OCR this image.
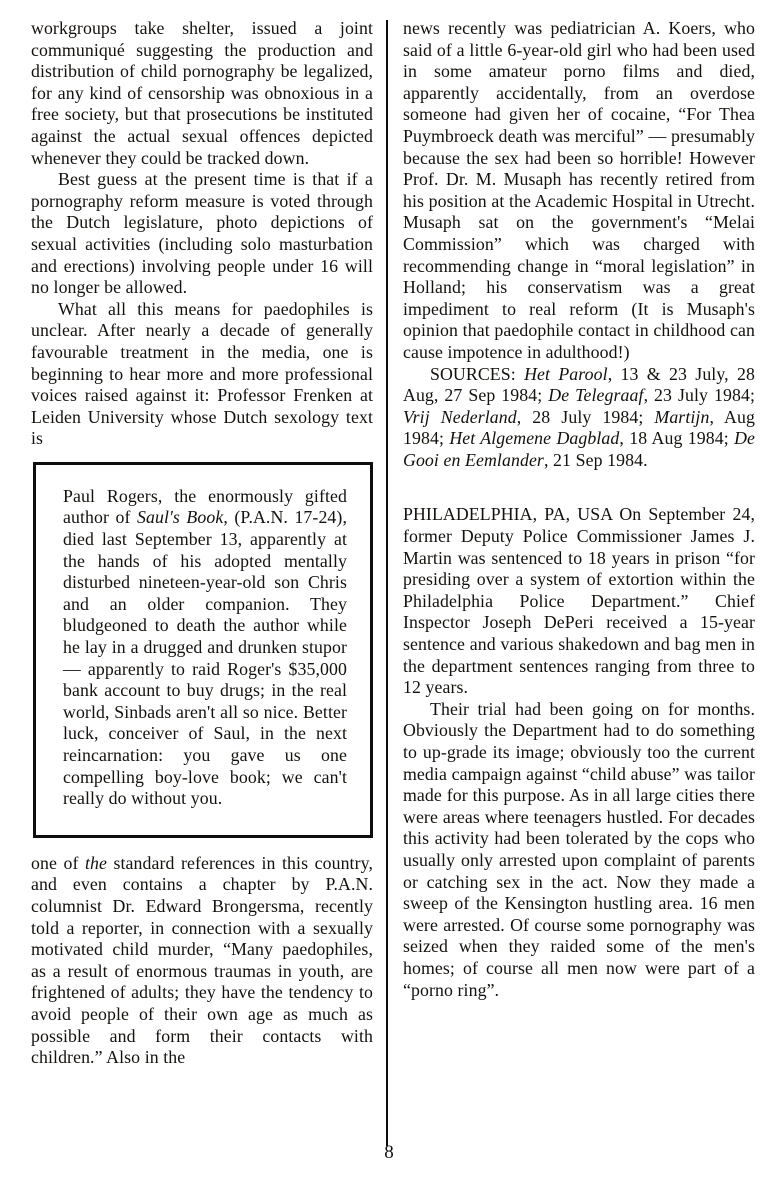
workgroups take shelter, issued a joint communiqué suggesting the production and distribution of child pornography be legalized, for any kind of censorship was obnoxious in a free society, but that prosecutions be instituted against the actual sexual offences depicted whenever they could be tracked down.

Best guess at the present time is that if a pornography reform measure is voted through the Dutch legislature, photo depictions of sexual activities (including solo masturbation and erections) involving people under 16 will no longer be allowed.

What all this means for paedophiles is unclear. After nearly a decade of generally favourable treatment in the media, one is beginning to hear more and more professional voices raised against it: Professor Frenken at Leiden University whose Dutch sexology text is

Paul Rogers, the enormously gifted author of Saul's Book, (P.A.N. 17-24), died last September 13, apparently at the hands of his adopted mentally disturbed nineteen-year-old son Chris and an older companion. They bludgeoned to death the author while he lay in a drugged and drunken stupor — apparently to raid Roger's $35,000 bank account to buy drugs; in the real world, Sinbads aren't all so nice. Better luck, conceiver of Saul, in the next reincarnation: you gave us one compelling boy-love book; we can't really do without you.

one of the standard references in this country, and even contains a chapter by P.A.N. columnist Dr. Edward Brongersma, recently told a reporter, in connection with a sexually motivated child murder, “Many paedophiles, as a result of enormous traumas in youth, are frightened of adults; they have the tendency to avoid people of their own age as much as possible and form their contacts with children.” Also in the

news recently was pediatrician A. Koers, who said of a little 6-year-old girl who had been used in some amateur porno films and died, apparently accidentally, from an overdose someone had given her of cocaine, “For Thea Puymbroeck death was merciful” — presumably because the sex had been so horrible! However Prof. Dr. M. Musaph has recently retired from his position at the Academic Hospital in Utrecht. Musaph sat on the government's “Melai Commission” which was charged with recommending change in “moral legislation” in Holland; his conservatism was a great impediment to real reform (It is Musaph's opinion that paedophile contact in childhood can cause impotence in adulthood!)

SOURCES: Het Parool, 13 & 23 July, 28 Aug, 27 Sep 1984; De Telegraaf, 23 July 1984; Vrij Nederland, 28 July 1984; Martijn, Aug 1984; Het Algemene Dagblad, 18 Aug 1984; De Gooi en Eemlander, 21 Sep 1984.

PHILADELPHIA, PA, USA On September 24, former Deputy Police Commissioner James J. Martin was sentenced to 18 years in prison “for presiding over a system of extortion within the Philadelphia Police Department.” Chief Inspector Joseph DePeri received a 15-year sentence and various shakedown and bag men in the department sentences ranging from three to 12 years.

Their trial had been going on for months. Obviously the Department had to do something to up-grade its image; obviously too the current media campaign against “child abuse” was tailor made for this purpose. As in all large cities there were areas where teenagers hustled. For decades this activity had been tolerated by the cops who usually only arrested upon complaint of parents or catching sex in the act. Now they made a sweep of the Kensington hustling area. 16 men were arrested. Of course some pornography was seized when they raided some of the men's homes; of course all men now were part of a “porno ring”.

8
